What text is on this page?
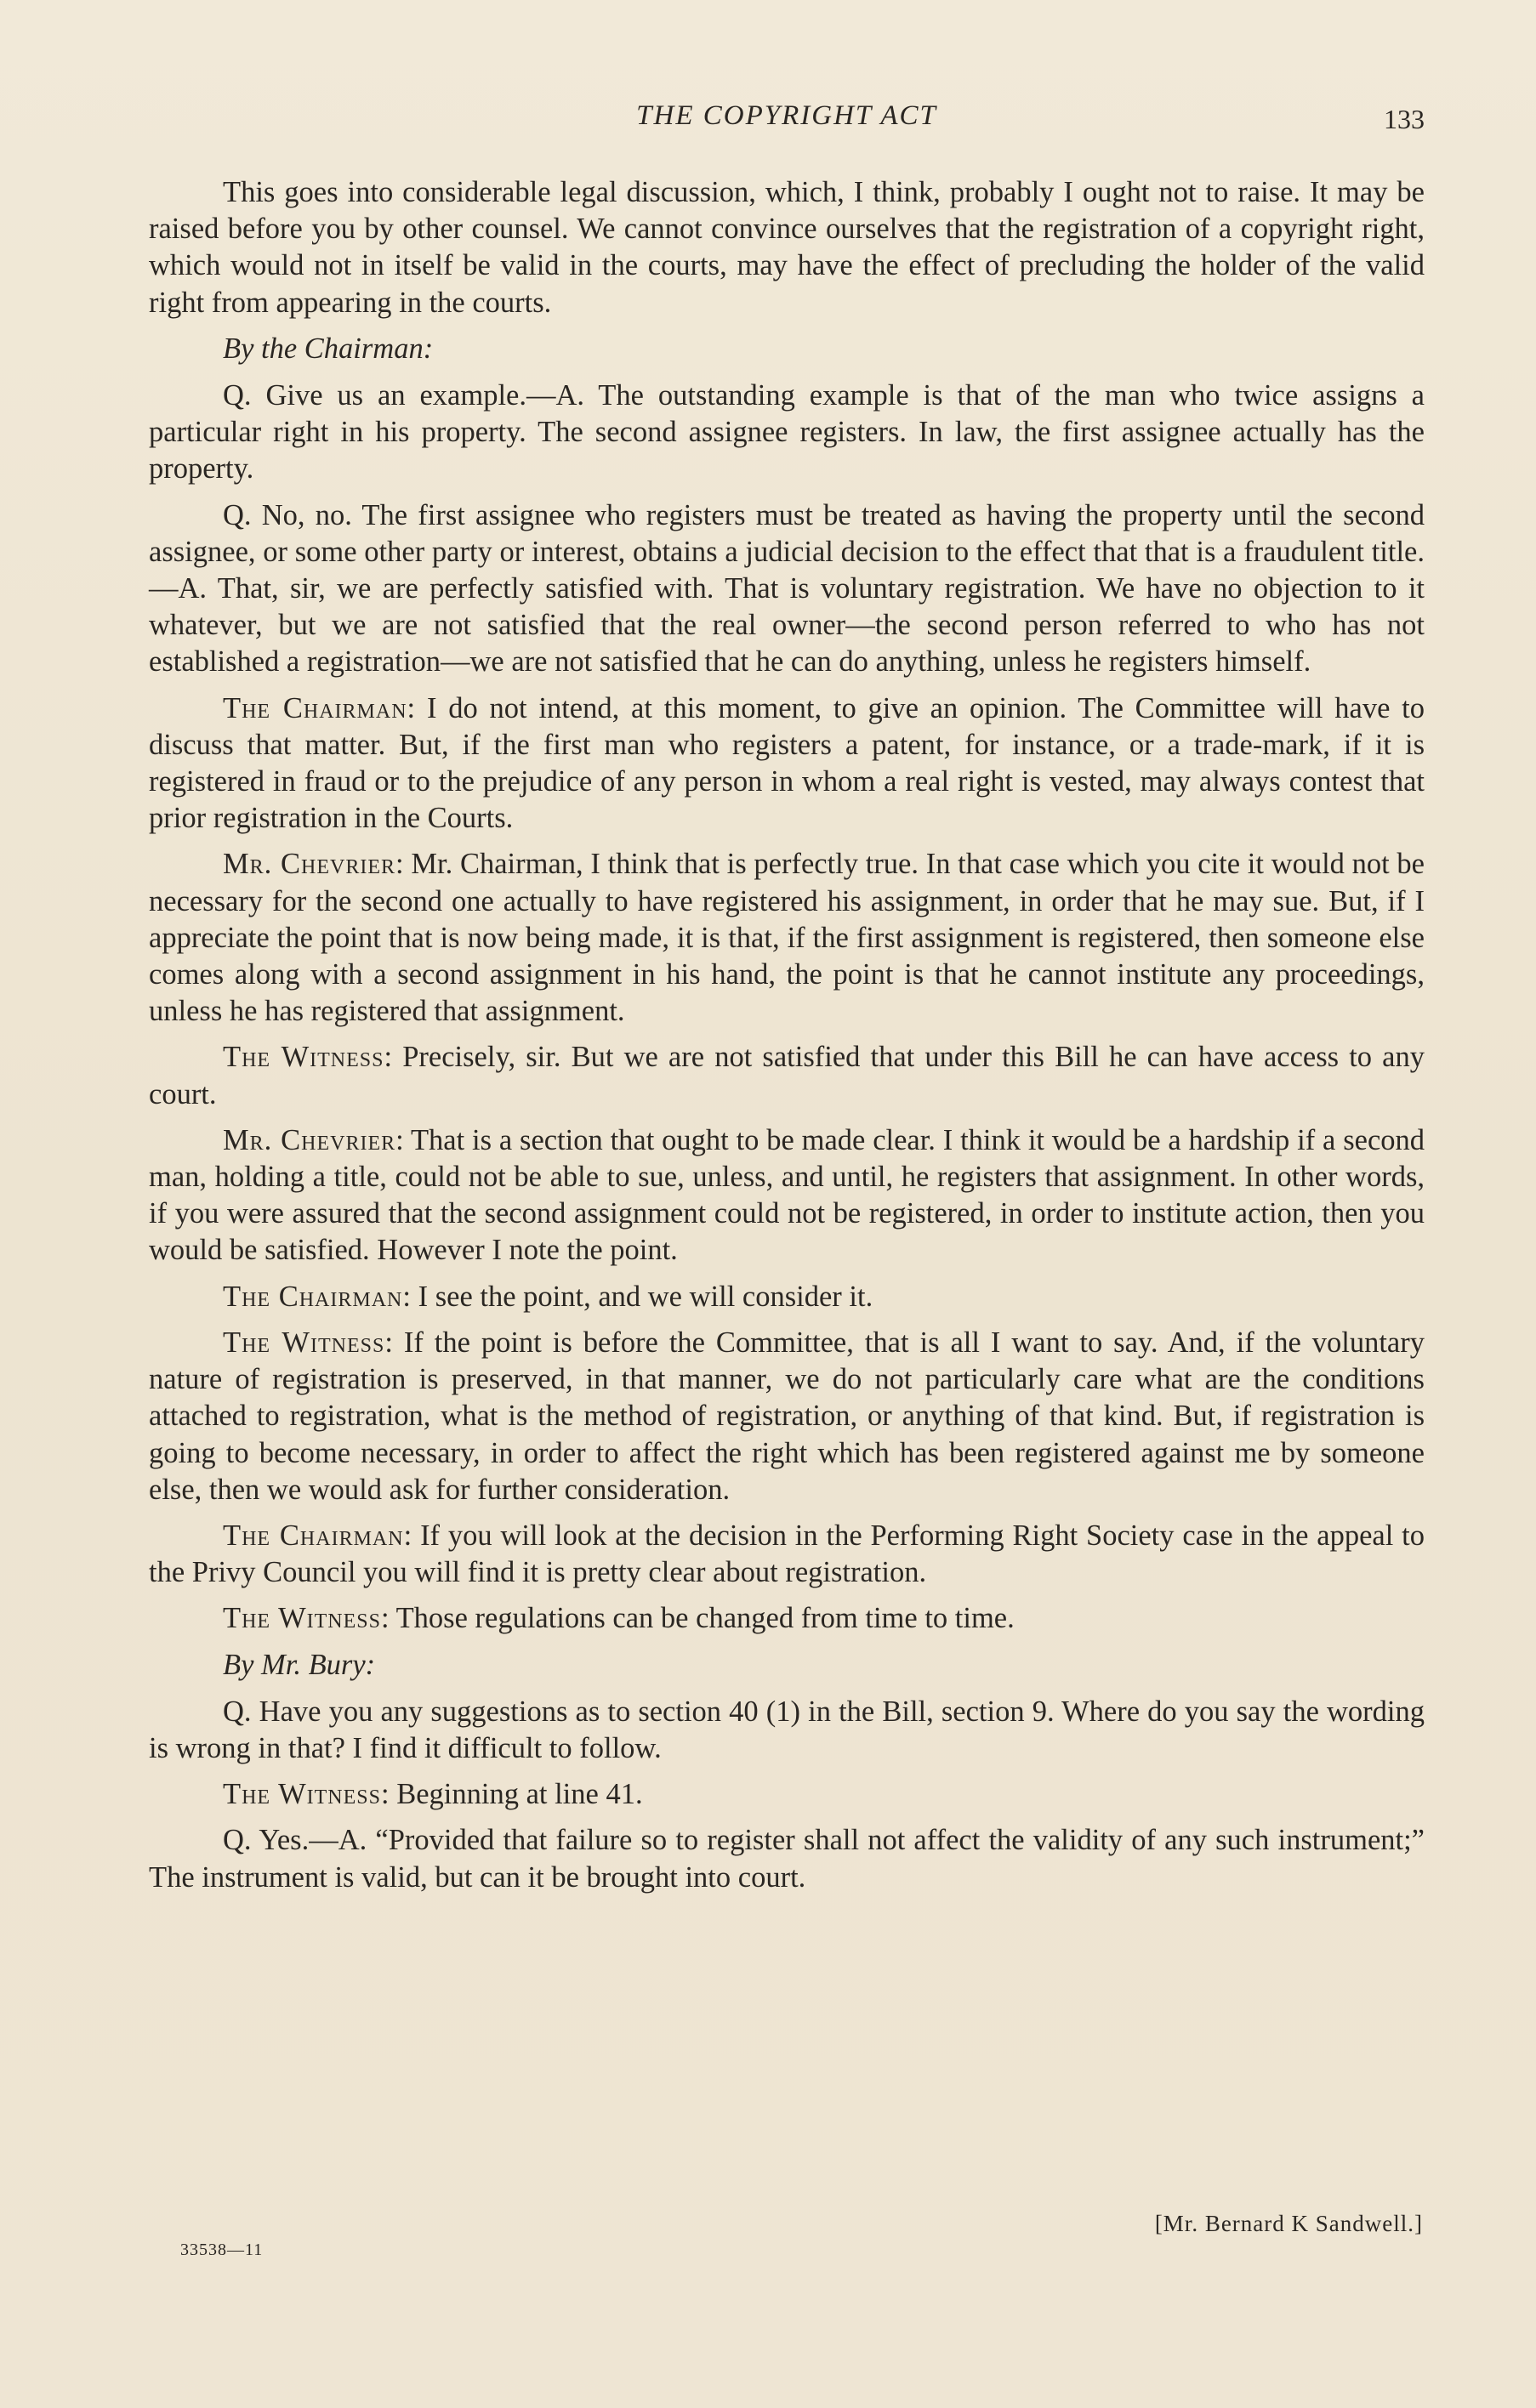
THE COPYRIGHT ACT	133

This goes into considerable legal discussion, which, I think, probably I ought not to raise. It may be raised before you by other counsel. We cannot convince ourselves that the registration of a copyright right, which would not in itself be valid in the courts, may have the effect of precluding the holder of the valid right from appearing in the courts.

By the Chairman:

Q. Give us an example.—A. The outstanding example is that of the man who twice assigns a particular right in his property. The second assignee registers. In law, the first assignee actually has the property.

Q. No, no. The first assignee who registers must be treated as having the property until the second assignee, or some other party or interest, obtains a judicial decision to the effect that that is a fraudulent title.—A. That, sir, we are perfectly satisfied with. That is voluntary registration. We have no objection to it whatever, but we are not satisfied that the real owner—the second person referred to who has not established a registration—we are not satisfied that he can do anything, unless he registers himself.

The Chairman: I do not intend, at this moment, to give an opinion. The Committee will have to discuss that matter. But, if the first man who registers a patent, for instance, or a trade-mark, if it is registered in fraud or to the prejudice of any person in whom a real right is vested, may always contest that prior registration in the Courts.

Mr. Chevrier: Mr. Chairman, I think that is perfectly true. In that case which you cite it would not be necessary for the second one actually to have registered his assignment, in order that he may sue. But, if I appreciate the point that is now being made, it is that, if the first assignment is registered, then someone else comes along with a second assignment in his hand, the point is that he cannot institute any proceedings, unless he has registered that assignment.

The Witness: Precisely, sir. But we are not satisfied that under this Bill he can have access to any court.

Mr. Chevrier: That is a section that ought to be made clear. I think it would be a hardship if a second man, holding a title, could not be able to sue, unless, and until, he registers that assignment. In other words, if you were assured that the second assignment could not be registered, in order to institute action, then you would be satisfied. However I note the point.

The Chairman: I see the point, and we will consider it.

The Witness: If the point is before the Committee, that is all I want to say. And, if the voluntary nature of registration is preserved, in that manner, we do not particularly care what are the conditions attached to registration, what is the method of registration, or anything of that kind. But, if registration is going to become necessary, in order to affect the right which has been registered against me by someone else, then we would ask for further consideration.

The Chairman: If you will look at the decision in the Performing Right Society case in the appeal to the Privy Council you will find it is pretty clear about registration.

The Witness: Those regulations can be changed from time to time.

By Mr. Bury:

Q. Have you any suggestions as to section 40 (1) in the Bill, section 9. Where do you say the wording is wrong in that? I find it difficult to follow.

The Witness: Beginning at line 41.

Q. Yes.—A. “Provided that failure so to register shall not affect the validity of any such instrument;” The instrument is valid, but can it be brought into court.

[Mr. Bernard K Sandwell.]
33538—11
